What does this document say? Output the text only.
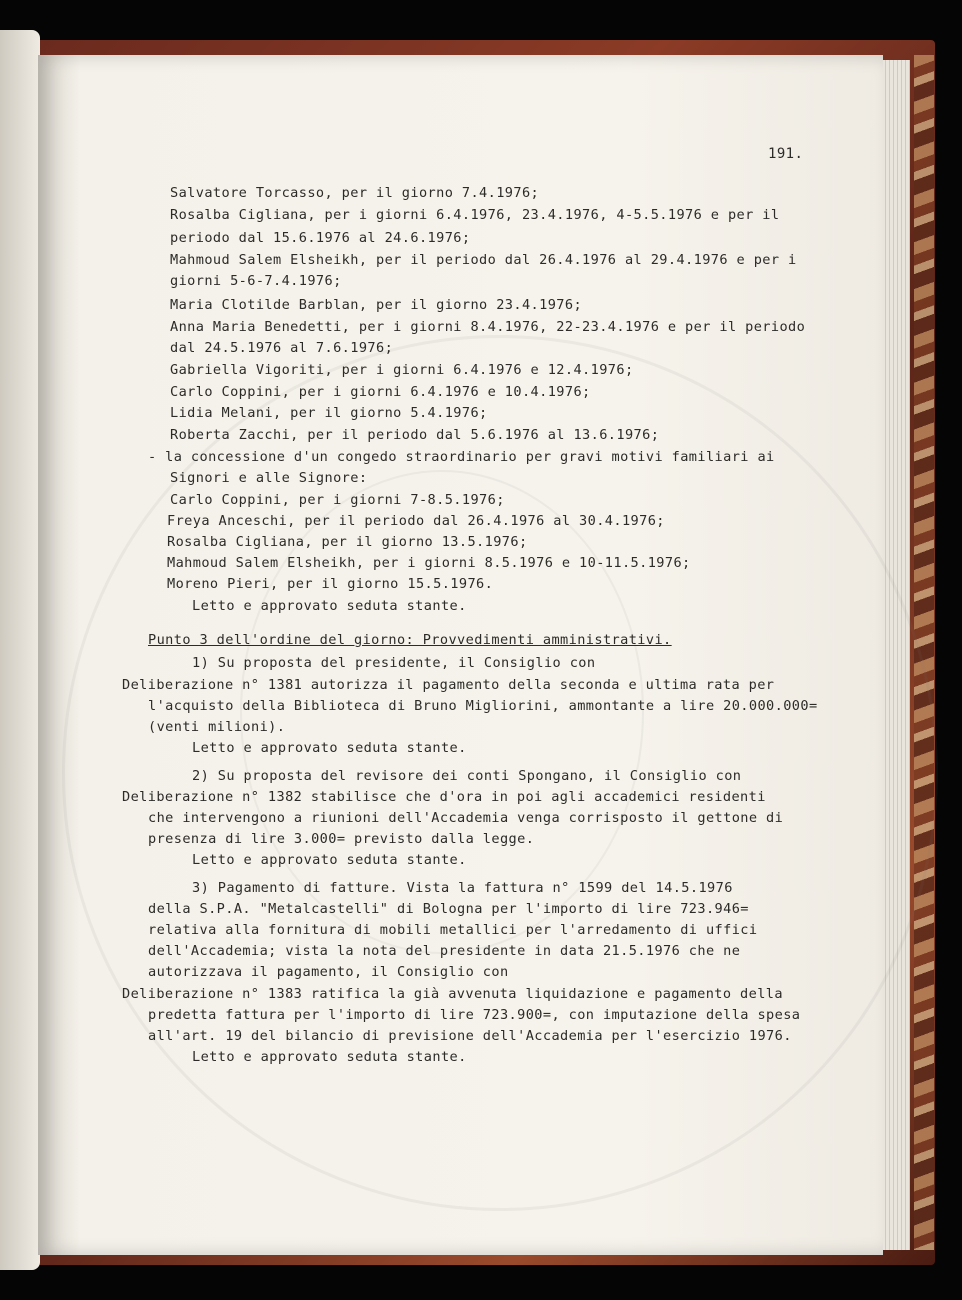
191.
Salvatore Torcasso, per il giorno 7.4.1976;
Rosalba Cigliana, per i giorni 6.4.1976, 23.4.1976, 4-5.5.1976 e per il
periodo dal 15.6.1976 al 24.6.1976;
Mahmoud Salem Elsheikh, per il periodo dal 26.4.1976 al 29.4.1976 e per i
giorni 5-6-7.4.1976;
Maria Clotilde Barblan, per il giorno 23.4.1976;
Anna Maria Benedetti, per i giorni 8.4.1976, 22-23.4.1976 e per il periodo
dal 24.5.1976 al 7.6.1976;
Gabriella Vigoriti, per i giorni 6.4.1976 e 12.4.1976;
Carlo Coppini, per i giorni 6.4.1976 e 10.4.1976;
Lidia Melani, per il giorno 5.4.1976;
Roberta Zacchi, per il periodo dal 5.6.1976 al 13.6.1976;
- la concessione d'un congedo straordinario per gravi motivi familiari ai
Signori e alle Signore:
Carlo Coppini, per i giorni 7-8.5.1976;
Freya Anceschi, per il periodo dal 26.4.1976 al 30.4.1976;
Rosalba Cigliana, per il giorno 13.5.1976;
Mahmoud Salem Elsheikh, per i giorni 8.5.1976 e 10-11.5.1976;
Moreno Pieri, per il giorno 15.5.1976.
Letto e approvato seduta stante.
Punto 3 dell'ordine del giorno: Provvedimenti amministrativi.
1) Su proposta del presidente, il Consiglio con
Deliberazione n° 1381 autorizza il pagamento della seconda e ultima rata per
l'acquisto della Biblioteca di Bruno Migliorini, ammontante a lire 20.000.000=
(venti milioni).
Letto e approvato seduta stante.
2) Su proposta del revisore dei conti Spongano, il Consiglio con
Deliberazione n° 1382 stabilisce che d'ora in poi agli accademici residenti
che intervengono a riunioni dell'Accademia venga corrisposto il gettone di
presenza di lire 3.000= previsto dalla legge.
Letto e approvato seduta stante.
3) Pagamento di fatture. Vista la fattura n° 1599 del 14.5.1976
della S.P.A. "Metalcastelli" di Bologna per l'importo di lire 723.946=
relativa alla fornitura di mobili metallici per l'arredamento di uffici
dell'Accademia; vista la nota del presidente in data 21.5.1976 che ne
autorizzava il pagamento, il Consiglio con
Deliberazione n° 1383 ratifica la già avvenuta liquidazione e pagamento della
predetta fattura per l'importo di lire 723.900=, con imputazione della spesa
all'art. 19 del bilancio di previsione dell'Accademia per l'esercizio 1976.
Letto e approvato seduta stante.
